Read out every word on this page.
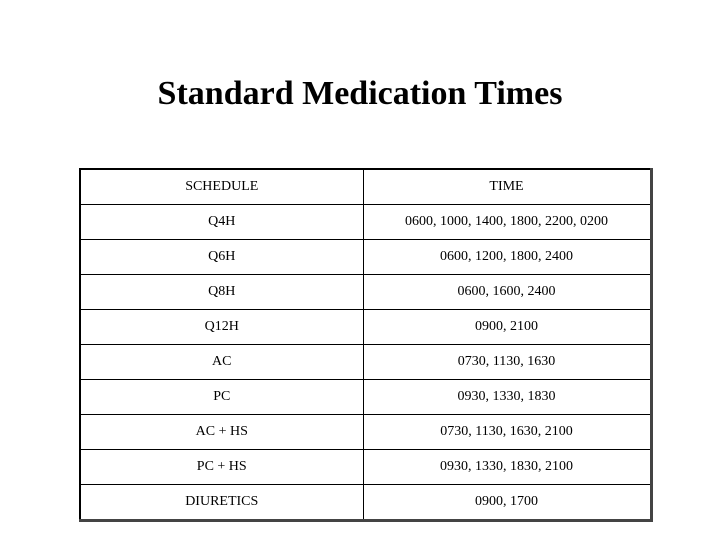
Standard Medication Times
SCHEDULE	TIME
Q4H	0600, 1000, 1400, 1800, 2200, 0200
Q6H	0600, 1200, 1800, 2400
Q8H	0600, 1600, 2400
Q12H	0900, 2100
AC	0730, 1130, 1630
PC	0930, 1330, 1830
AC + HS	0730, 1130, 1630, 2100
PC + HS	0930, 1330, 1830, 2100
DIURETICS	0900, 1700
